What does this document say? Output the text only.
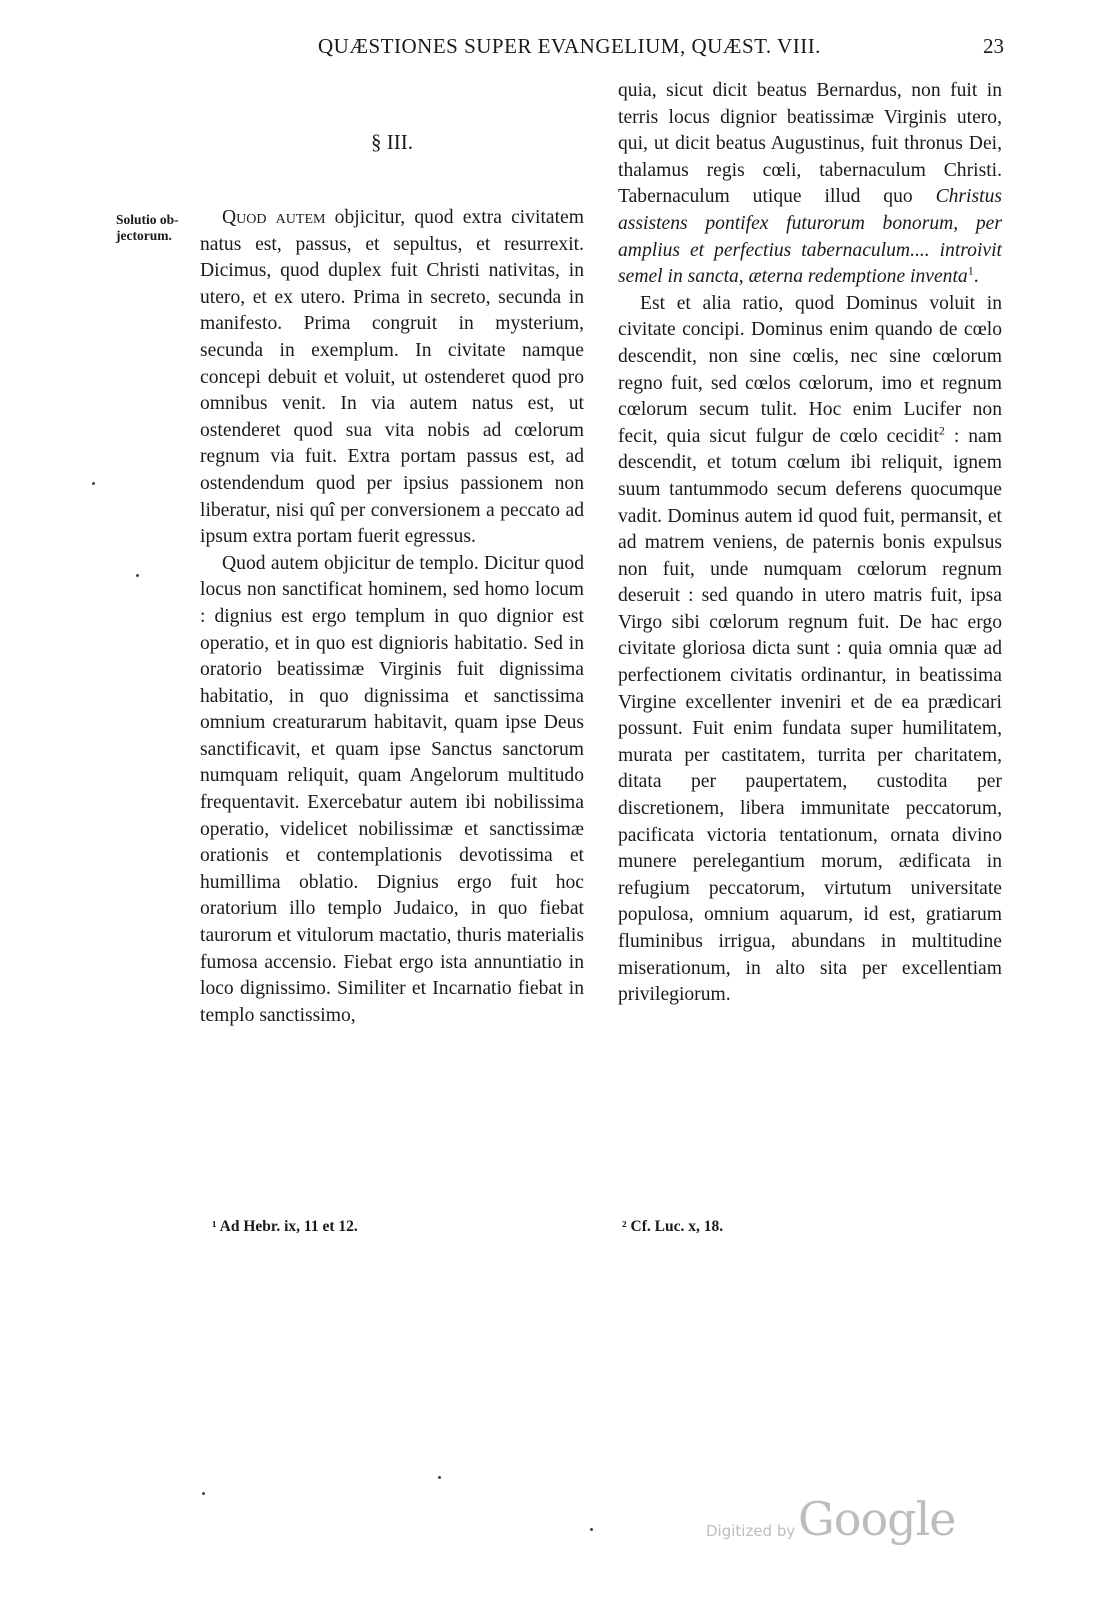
QUÆSTIONES SUPER EVANGELIUM, QUÆST. VIII.	23
Solutio ob-
jectorum.
§ III.

Quod autem objicitur, quod extra civitatem natus est, passus, et sepultus, et resurrexit. Dicimus, quod duplex fuit Christi nativitas, in utero, et ex utero. Prima in secreto, secunda in manifesto. Prima congruit in mysterium, secunda in exemplum. In civitate namque concepi debuit et voluit, ut ostenderet quod pro omnibus venit. In via autem natus est, ut ostenderet quod sua vita nobis ad cœlorum regnum via fuit. Extra portam passus est, ad ostendendum quod per ipsius passionem non liberatur, nisi quî per conversionem a peccato ad ipsum extra portam fuerit egressus.

Quod autem objicitur de templo. Dicitur quod locus non sanctificat hominem, sed homo locum : dignius est ergo templum in quo dignior est operatio, et in quo est dignioris habitatio. Sed in oratorio beatissimæ Virginis fuit dignissima habitatio, in quo dignissima et sanctissima omnium creaturarum habitavit, quam ipse Deus sanctificavit, et quam ipse Sanctus sanctorum numquam reliquit, quam Angelorum multitudo frequentavit. Exercebatur autem ibi nobilissima operatio, videlicet nobilissimæ et sanctissimæ orationis et contemplationis devotissima et humillima oblatio. Dignius ergo fuit hoc oratorium illo templo Judaico, in quo fiebat taurorum et vitulorum mactatio, thuris materialis fumosa accensio. Fiebat ergo ista annuntiatio in loco dignissimo. Similiter et Incarnatio fiebat in templo sanctissimo,

quia, sicut dicit beatus Bernardus, non fuit in terris locus dignior beatissimæ Virginis utero, qui, ut dicit beatus Augustinus, fuit thronus Dei, thalamus regis cœli, tabernaculum Christi. Tabernaculum utique illud quo Christus assistens pontifex futurorum bonorum, per amplius et perfectius tabernaculum.... introivit semel in sancta, æterna redemptione inventa$^1$.

Est et alia ratio, quod Dominus voluit in civitate concipi. Dominus enim quando de cœlo descendit, non sine cœlis, nec sine cœlorum regno fuit, sed cœlos cœlorum, imo et regnum cœlorum secum tulit. Hoc enim Lucifer non fecit, quia sicut fulgur de cœlo cecidit$^2$ : nam descendit, et totum cœlum ibi reliquit, ignem suum tantummodo secum deferens quocumque vadit. Dominus autem id quod fuit, permansit, et ad matrem veniens, de paternis bonis expulsus non fuit, unde numquam cœlorum regnum deseruit : sed quando in utero matris fuit, ipsa Virgo sibi cœlorum regnum fuit. De hac ergo civitate gloriosa dicta sunt : quia omnia quæ ad perfectionem civitatis ordinantur, in beatissima Virgine excellenter inveniri et de ea prædicari possunt. Fuit enim fundata super humilitatem, murata per castitatem, turrita per charitatem, ditata per paupertatem, custodita per discretionem, libera immunitate peccatorum, pacificata victoria tentationum, ornata divino munere perelegantium morum, ædificata in refugium peccatorum, virtutum universitate populosa, omnium aquarum, id est, gratiarum fluminibus irrigua, abundans in multitudine miserationum, in alto sita per excellentiam privilegiorum.

¹ Ad Hebr. ix, 11 et 12.	² Cf. Luc. x, 18.
Digitized by Google
